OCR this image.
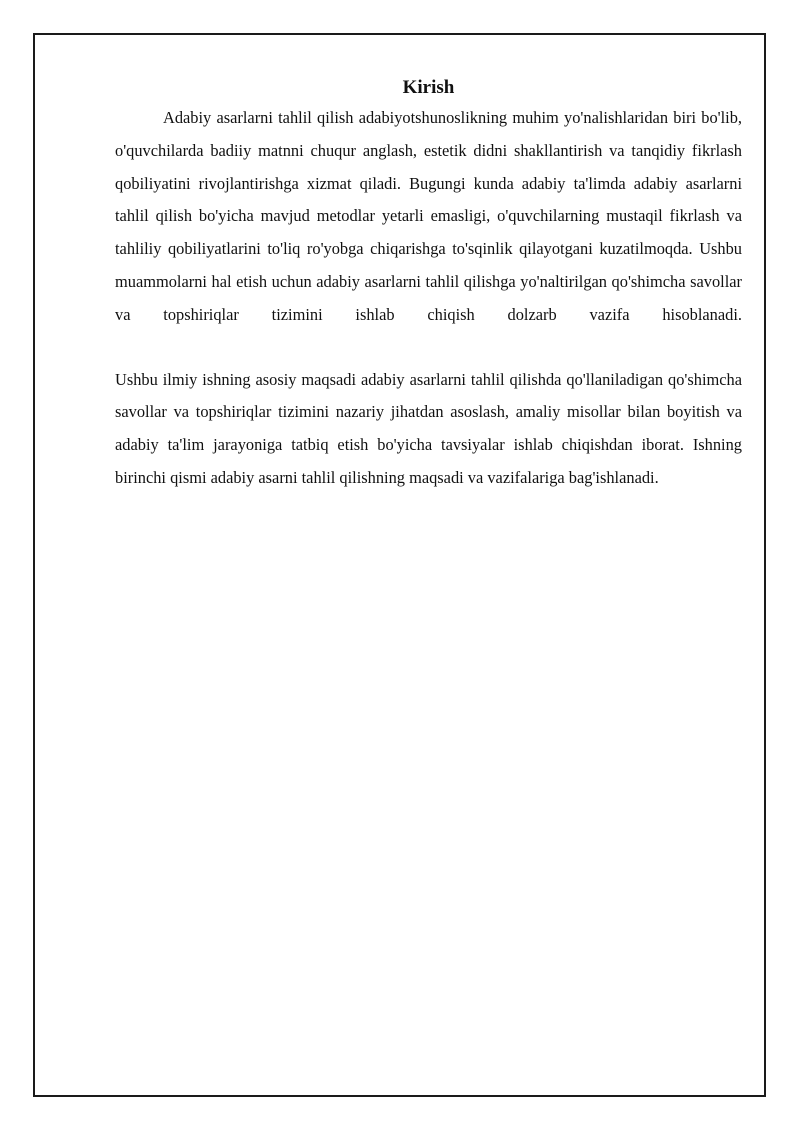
Kirish

Adabiy asarlarni tahlil qilish adabiyotshunoslikning muhim yo'nalishlaridan biri bo'lib, o'quvchilarda badiiy matnni chuqur anglash, estetik didni shakllantirish va tanqidiy fikrlash qobiliyatini rivojlantirishga xizmat qiladi. Bugungi kunda adabiy ta'limda adabiy asarlarni tahlil qilish bo'yicha mavjud metodlar yetarli emasligi, o'quvchilarning mustaqil fikrlash va tahliliy qobiliyatlarini to'liq ro'yobga chiqarishga to'sqinlik qilayotgani kuzatilmoqda. Ushbu muammolarni hal etish uchun adabiy asarlarni tahlil qilishga yo'naltirilgan qo'shimcha savollar va topshiriqlar tizimini ishlab chiqish dolzarb vazifa hisoblanadi.

Ushbu ilmiy ishning asosiy maqsadi adabiy asarlarni tahlil qilishda qo'llaniladigan qo'shimcha savollar va topshiriqlar tizimini nazariy jihatdan asoslash, amaliy misollar bilan boyitish va adabiy ta'lim jarayoniga tatbiq etish bo'yicha tavsiyalar ishlab chiqishdan iborat. Ishning birinchi qismi adabiy asarni tahlil qilishning maqsadi va vazifalariga bag'ishlanadi.
